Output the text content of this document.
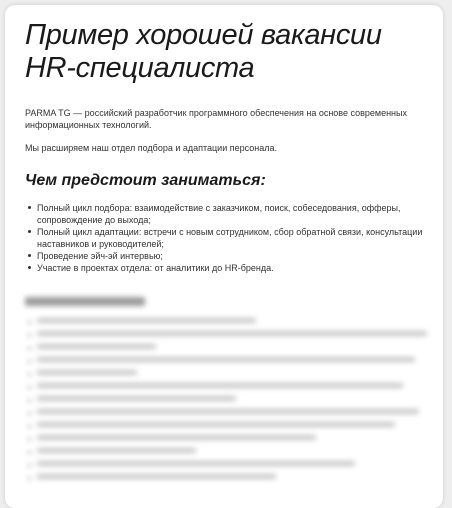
Пример хорошей вакансии HR-специалиста

PARMA TG — российский разработчик программного обеспечения на основе современных информационных технологий.

Мы расширяем наш отдел подбора и адаптации персонала.

Чем предстоит заниматься:
Полный цикл подбора: взаимодействие с заказчиком, поиск, собеседования, офферы, сопровождение до выхода;
Полный цикл адаптации: встречи с новым сотрудником, сбор обратной связи, консультации наставников и руководителей;
Проведение эйч-эй интервью;
Участие в проектах отдела: от аналитики до HR-бренда.
